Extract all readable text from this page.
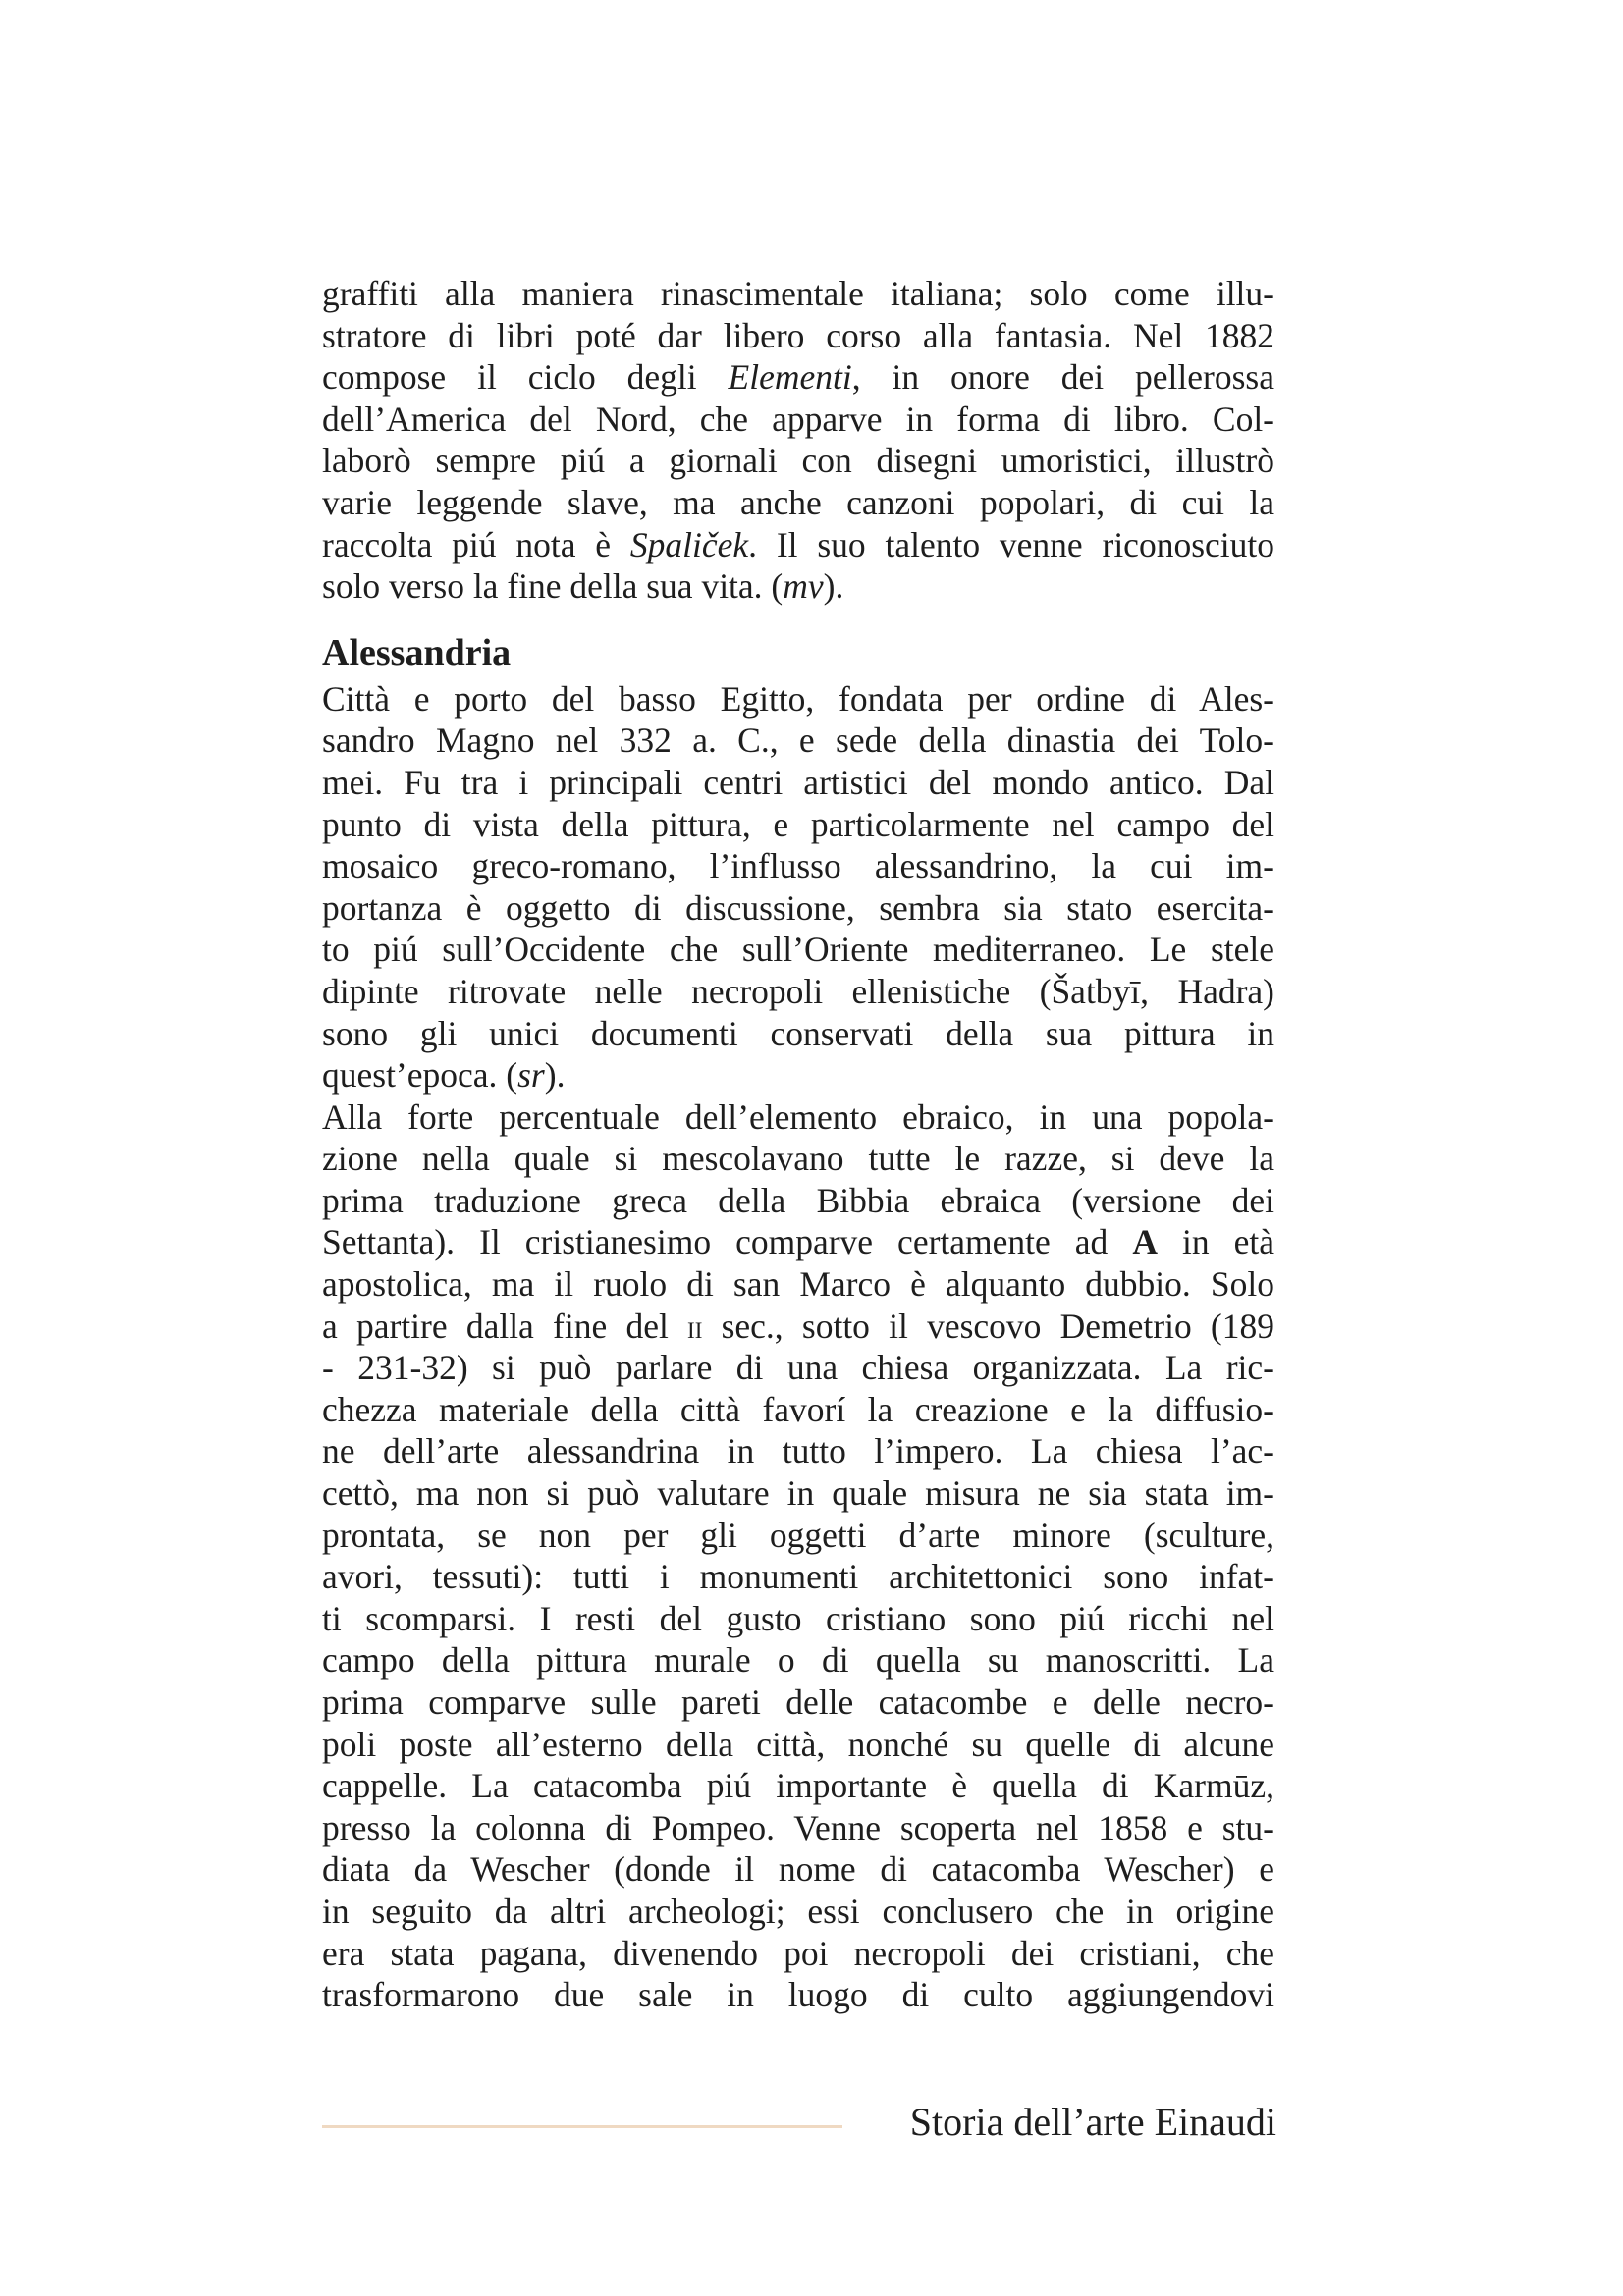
graffiti alla maniera rinascimentale italiana; solo come illu-
stratore di libri poté dar libero corso alla fantasia. Nel 1882
compose il ciclo degli Elementi, in onore dei pellerossa
dell’America del Nord, che apparve in forma di libro. Col-
laborò sempre piú a giornali con disegni umoristici, illustrò
varie leggende slave, ma anche canzoni popolari, di cui la
raccolta piú nota è Spaliček. Il suo talento venne riconosciuto
solo verso la fine della sua vita. (mv).
Alessandria
Città e porto del basso Egitto, fondata per ordine di Ales-
sandro Magno nel 332 a. C., e sede della dinastia dei Tolo-
mei. Fu tra i principali centri artistici del mondo antico. Dal
punto di vista della pittura, e particolarmente nel campo del
mosaico greco-romano, l’influsso alessandrino, la cui im-
portanza è oggetto di discussione, sembra sia stato esercita-
to piú sull’Occidente che sull’Oriente mediterraneo. Le stele
dipinte ritrovate nelle necropoli ellenistiche (Šatbyī, Hadra)
sono gli unici documenti conservati della sua pittura in
quest’epoca. (sr).
Alla forte percentuale dell’elemento ebraico, in una popola-
zione nella quale si mescolavano tutte le razze, si deve la
prima traduzione greca della Bibbia ebraica (versione dei
Settanta). Il cristianesimo comparve certamente ad A in età
apostolica, ma il ruolo di san Marco è alquanto dubbio. Solo
a partire dalla fine del ii sec., sotto il vescovo Demetrio (189
- 231-32) si può parlare di una chiesa organizzata. La ric-
chezza materiale della città favorí la creazione e la diffusio-
ne dell’arte alessandrina in tutto l’impero. La chiesa l’ac-
cettò, ma non si può valutare in quale misura ne sia stata im-
prontata, se non per gli oggetti d’arte minore (sculture,
avori, tessuti): tutti i monumenti architettonici sono infat-
ti scomparsi. I resti del gusto cristiano sono piú ricchi nel
campo della pittura murale o di quella su manoscritti. La
prima comparve sulle pareti delle catacombe e delle necro-
poli poste all’esterno della città, nonché su quelle di alcune
cappelle. La catacomba piú importante è quella di Karmūz,
presso la colonna di Pompeo. Venne scoperta nel 1858 e stu-
diata da Wescher (donde il nome di catacomba Wescher) e
in seguito da altri archeologi; essi conclusero che in origine
era stata pagana, divenendo poi necropoli dei cristiani, che
trasformarono due sale in luogo di culto aggiungendovi
Storia dell’arte Einaudi
